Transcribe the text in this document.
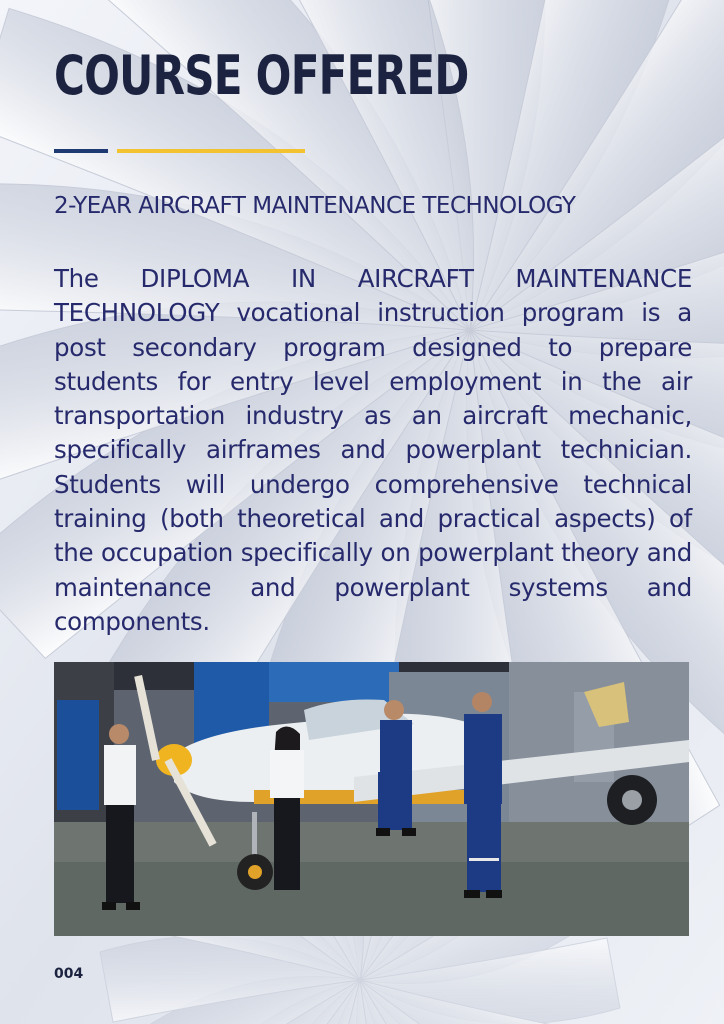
COURSE OFFERED
2-YEAR AIRCRAFT MAINTENANCE TECHNOLOGY

The DIPLOMA IN AIRCRAFT MAINTENANCE TECHNOLOGY vocational instruction program is a post secondary program designed to prepare students for entry level employment in the air transportation industry as an aircraft mechanic, specifically airframes and powerplant technician. Students will undergo comprehensive technical training (both theoretical and practical aspects) of the occupation specifically on powerplant theory and maintenance and powerplant systems and components.

004
